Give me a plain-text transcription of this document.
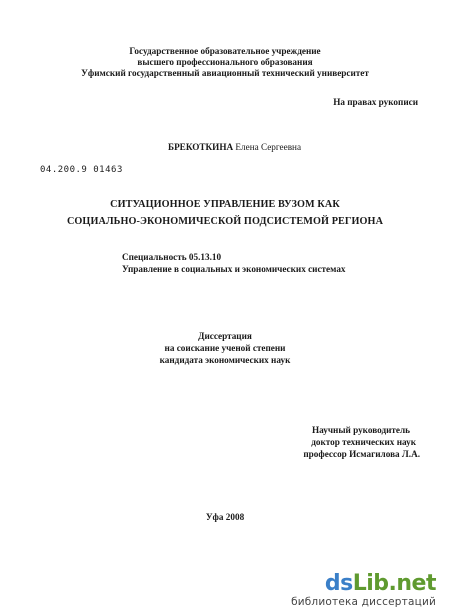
Государственное образовательное учреждение
высшего профессионального образования
Уфимский государственный авиационный технический университет
На правах рукописи
БРЕКОТКИНА Елена Сергеевна
04.200.9 01463
СИТУАЦИОННОЕ УПРАВЛЕНИЕ ВУЗОМ КАК
СОЦИАЛЬНО-ЭКОНОМИЧЕСКОЙ ПОДСИСТЕМОЙ РЕГИОНА
Специальность 05.13.10
Управление в социальных и экономических системах
Диссертация
на соискание ученой степени
кандидата экономических наук
Научный руководитель
доктор технических наук
профессор Исмагилова Л.А.
Уфа 2008
dsLib.net
библиотека диссертаций
